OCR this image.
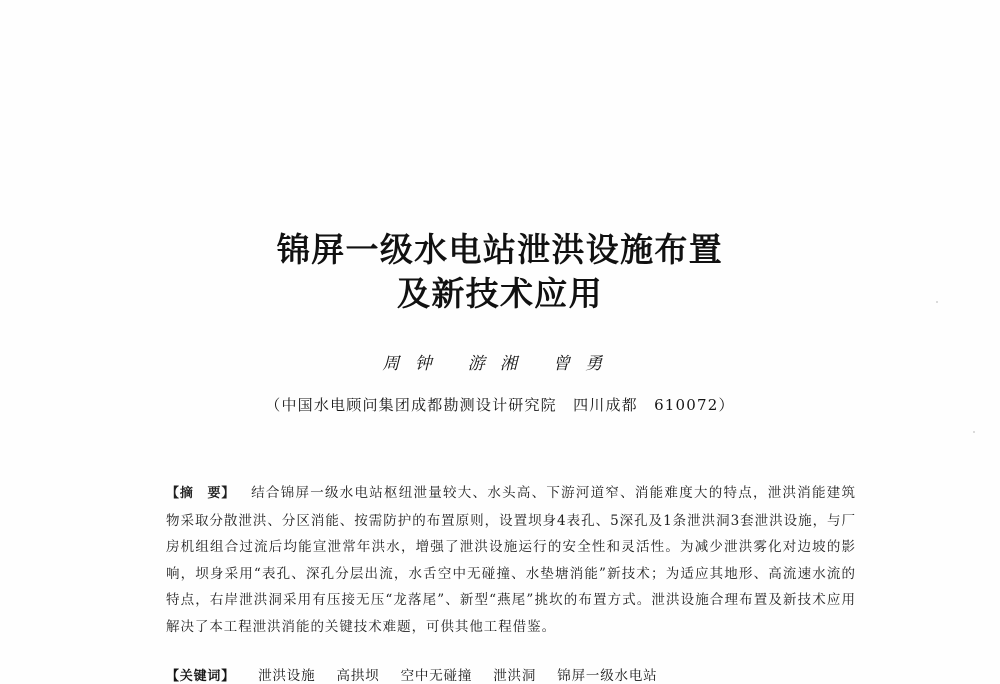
锦屏一级水电站泄洪设施布置
及新技术应用
周钟 游湘 曾勇
（中国水电顾问集团成都勘测设计研究院　四川成都　610072）
【摘　要】 结合锦屏一级水电站枢纽泄量较大、水头高、下游河道窄、消能难度大的特点，泄洪消能建筑物采取分散泄洪、分区消能、按需防护的布置原则，设置坝身4表孔、5深孔及1条泄洪洞3套泄洪设施，与厂房机组组合过流后均能宣泄常年洪水，增强了泄洪设施运行的安全性和灵活性。为减少泄洪雾化对边坡的影响，坝身采用“表孔、深孔分层出流，水舌空中无碰撞、水垫塘消能”新技术；为适应其地形、高流速水流的特点，右岸泄洪洞采用有压接无压“龙落尾”、新型“燕尾”挑坎的布置方式。泄洪设施合理布置及新技术应用解决了本工程泄洪消能的关键技术难题，可供其他工程借鉴。
【关键词】 泄洪设施 高拱坝 空中无碰撞 泄洪洞 锦屏一级水电站
